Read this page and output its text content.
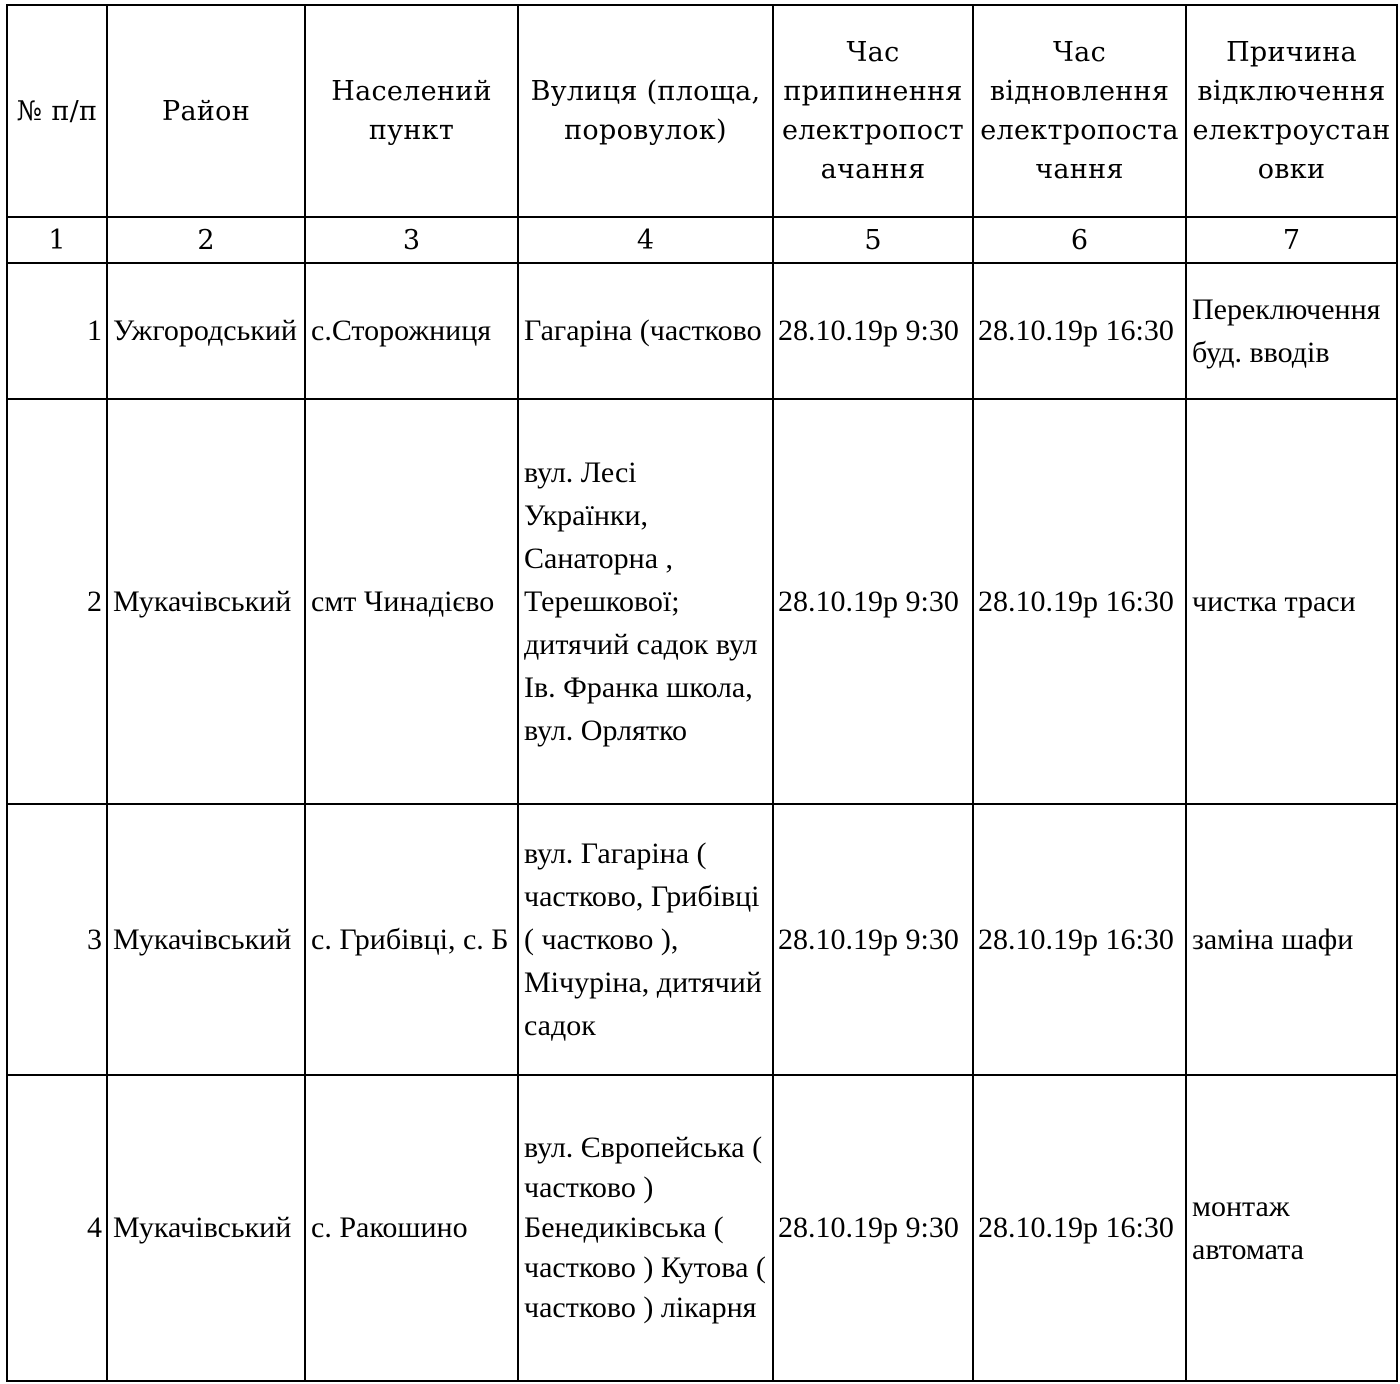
№ п/п	Район	Населений пункт	Вулиця (площа, поровулок)	Час припинення електропост ачання	Час відновлення електропоста чання	Причина відключення електроустан овки
1	2	3	4	5	6	7
1	Ужгородський	с.Сторожниця	Гагаріна (частково	28.10.19р 9:30	28.10.19р 16:30	Переключення буд. вводів
2	Мукачівський	смт Чинадієво	вул. Лесі Українки, Санаторна , Терешкової; дитячий садок вул Ів. Франка школа, вул. Орлятко	28.10.19р 9:30	28.10.19р 16:30	чистка траси
3	Мукачівський	с. Грибівці, с. Б	вул. Гагаріна ( частково, Грибівці ( частково ), Мічуріна, дитячий садок	28.10.19р 9:30	28.10.19р 16:30	заміна шафи
4	Мукачівський	с. Ракошино	вул. Європейська ( частково ) Бенедиківська ( частково ) Кутова ( частково ) лікарня	28.10.19р 9:30	28.10.19р 16:30	монтаж автомата
